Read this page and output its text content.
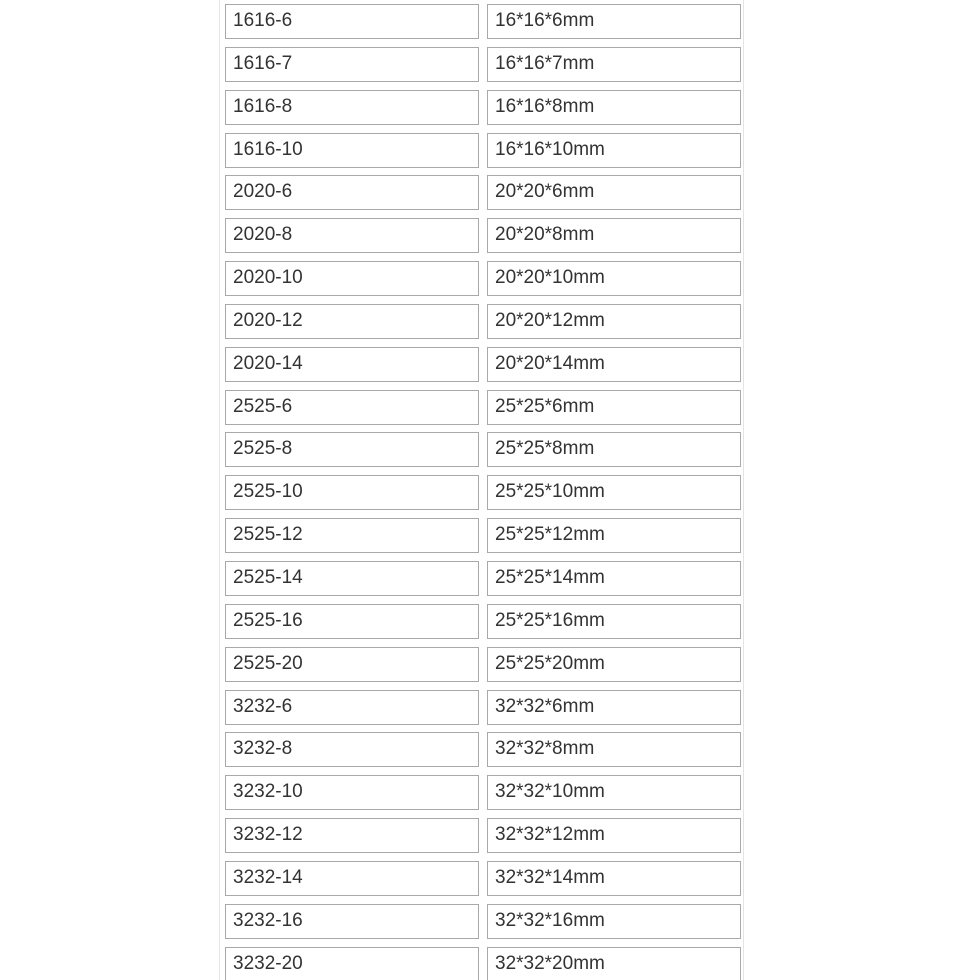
1616-6	16*16*6mm
1616-7	16*16*7mm
1616-8	16*16*8mm
1616-10	16*16*10mm
2020-6	20*20*6mm
2020-8	20*20*8mm
2020-10	20*20*10mm
2020-12	20*20*12mm
2020-14	20*20*14mm
2525-6	25*25*6mm
2525-8	25*25*8mm
2525-10	25*25*10mm
2525-12	25*25*12mm
2525-14	25*25*14mm
2525-16	25*25*16mm
2525-20	25*25*20mm
3232-6	32*32*6mm
3232-8	32*32*8mm
3232-10	32*32*10mm
3232-12	32*32*12mm
3232-14	32*32*14mm
3232-16	32*32*16mm
3232-20	32*32*20mm
